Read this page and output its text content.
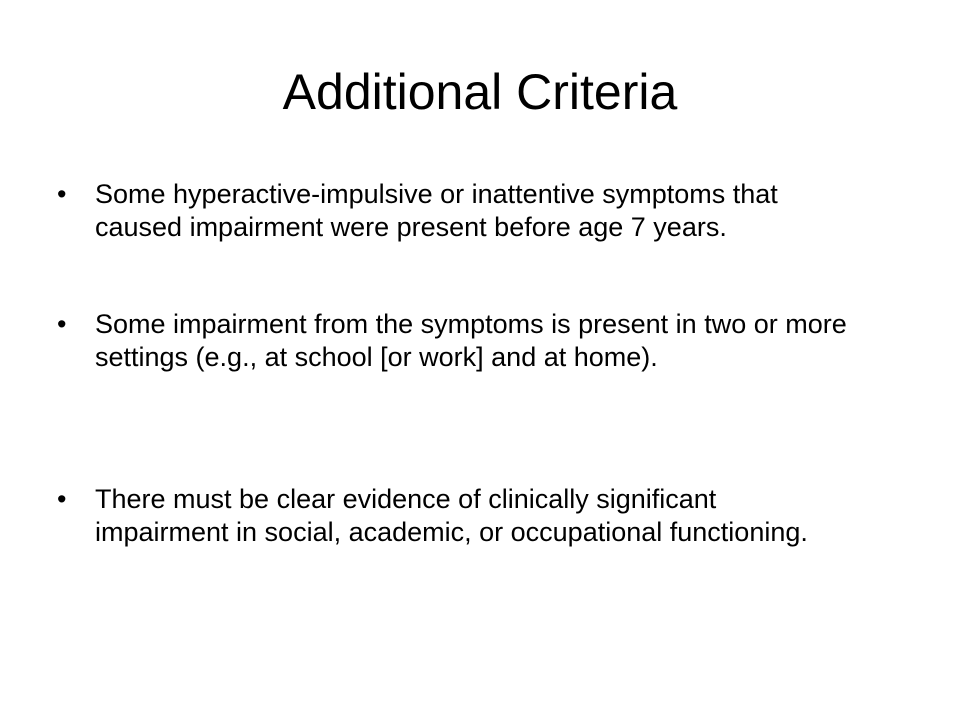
Additional Criteria
• Some hyperactive-impulsive or inattentive symptoms that caused impairment were present before age 7 years.
• Some impairment from the symptoms is present in two or more settings (e.g., at school [or work] and at home).
• There must be clear evidence of clinically significant impairment in social, academic, or occupational functioning.
